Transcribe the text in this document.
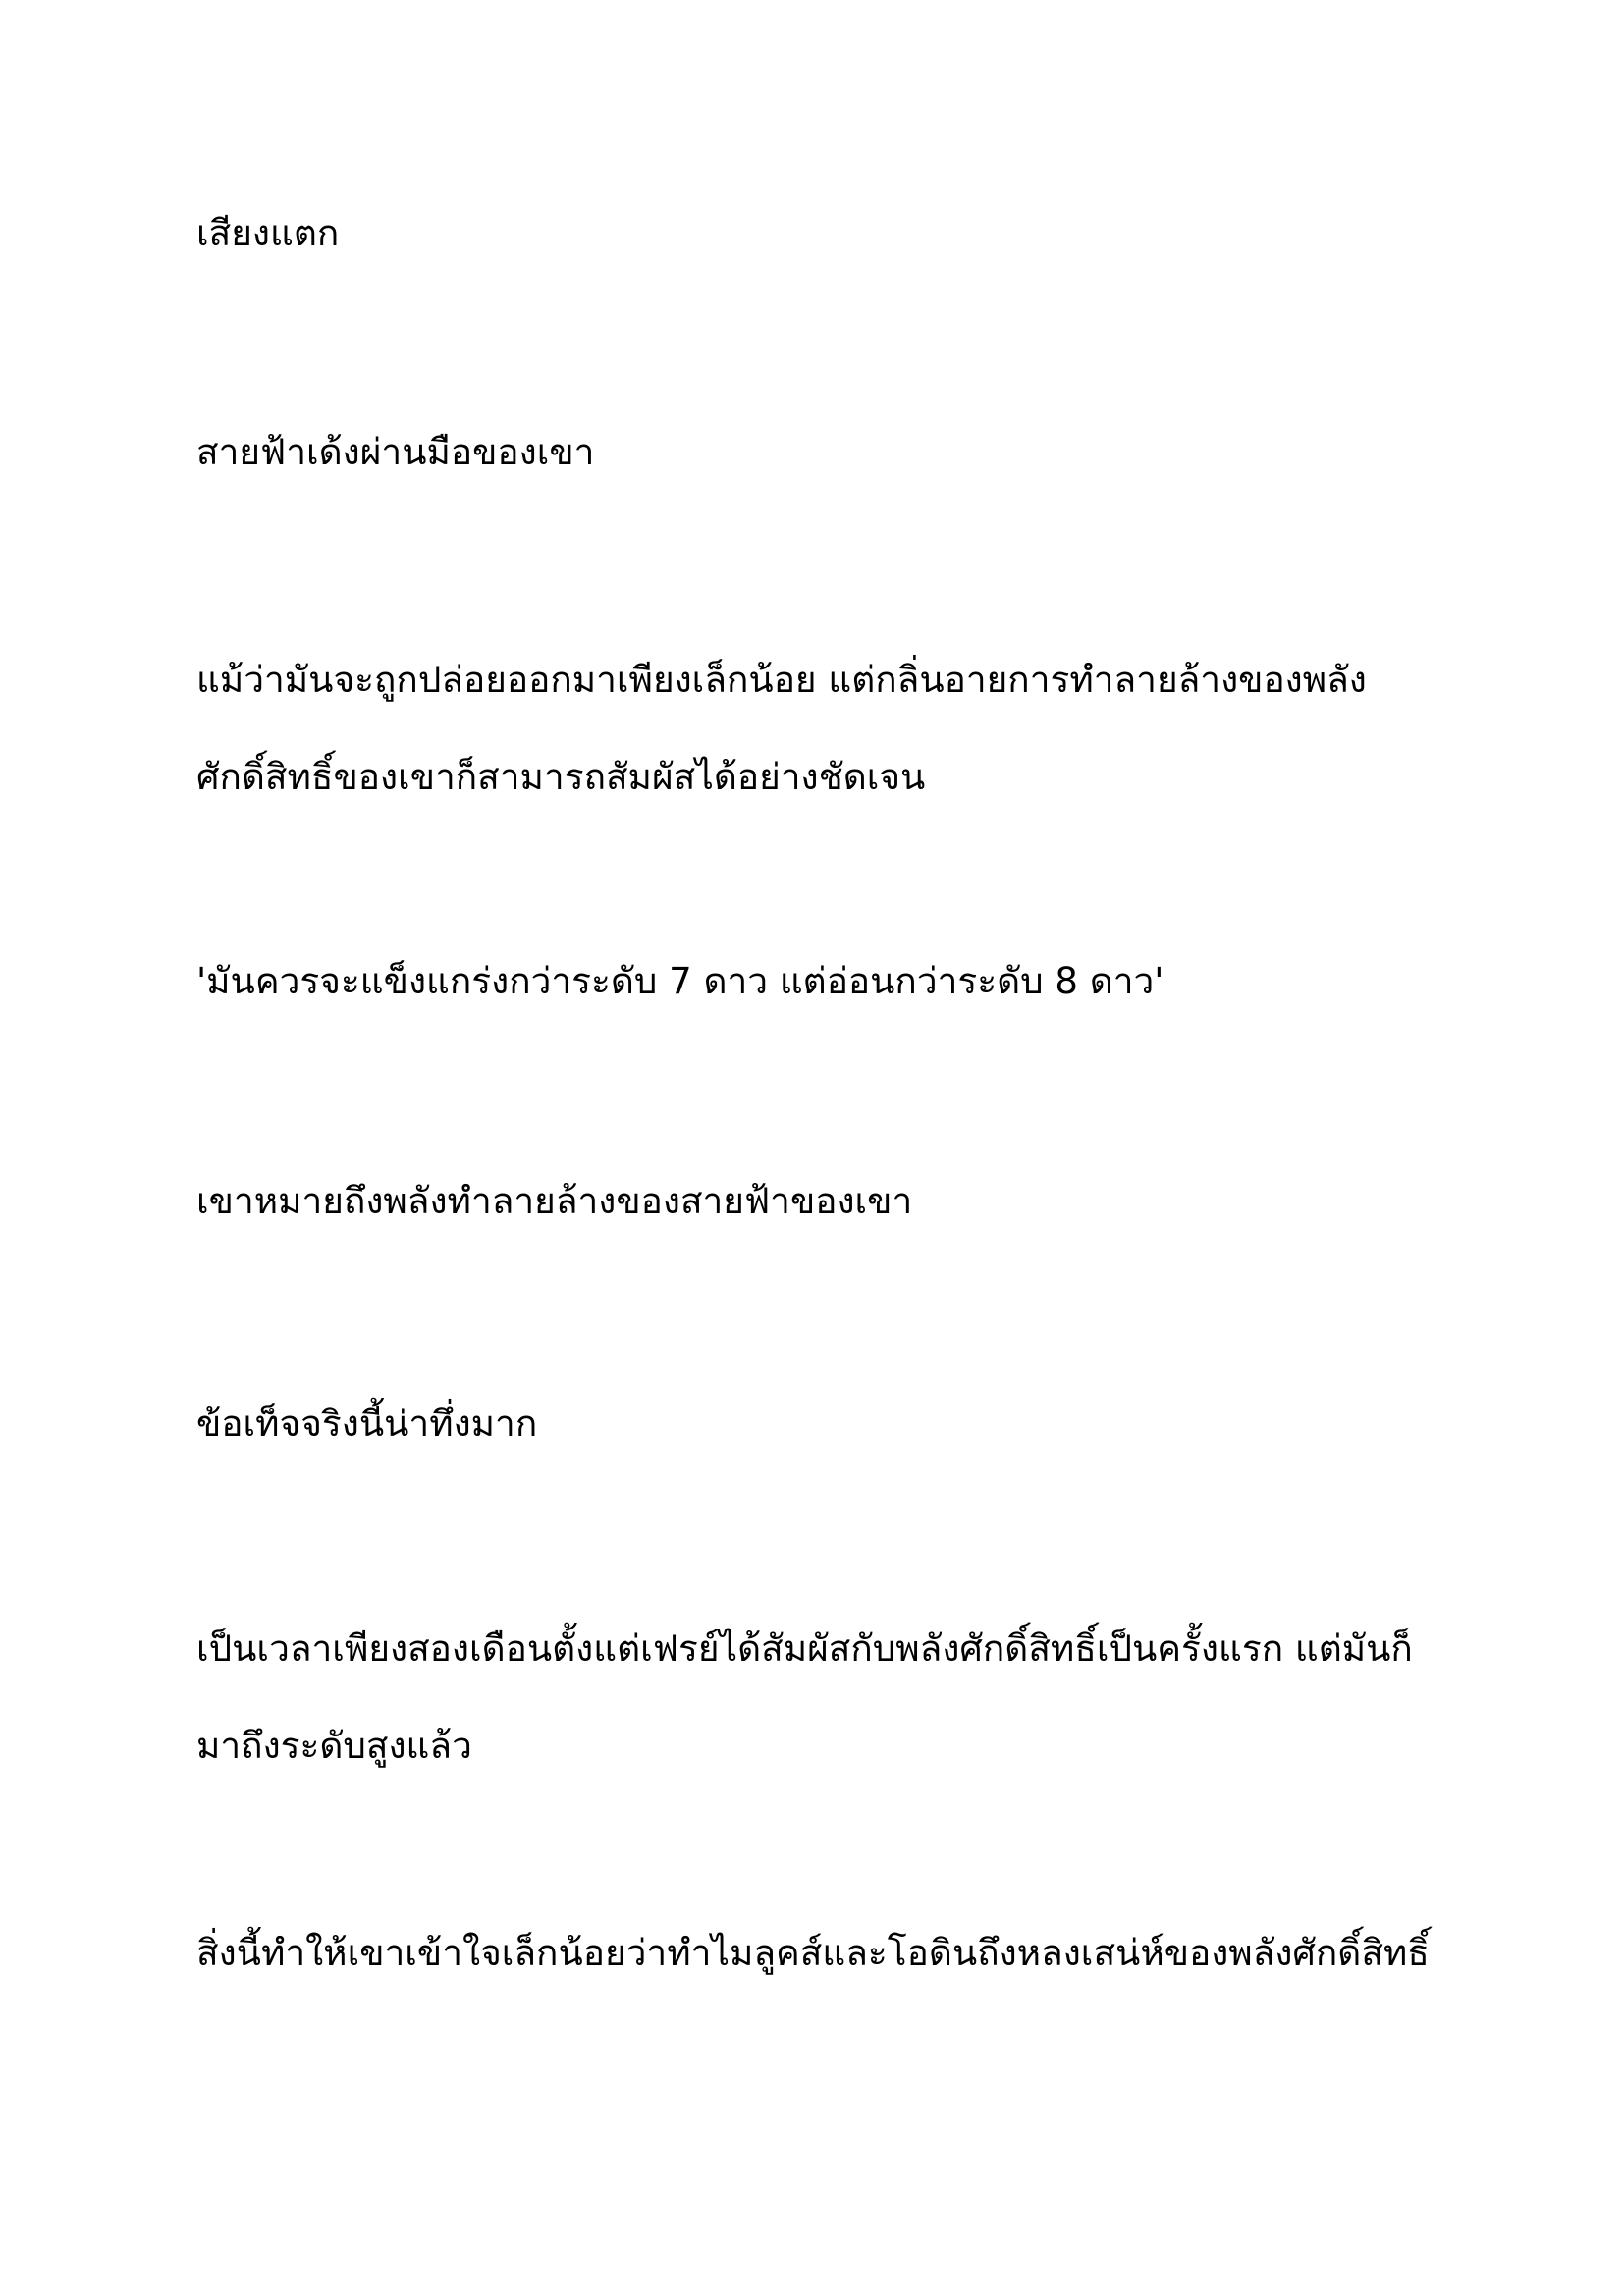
เสียงแตก

สายฟ้าเด้งผ่านมือของเขา

แม้ว่ามันจะถูกปล่อยออกมาเพียงเล็กน้อย แต่กลิ่นอายการทำลายล้างของพลัง
ศักดิ์สิทธิ์ของเขาก็สามารถสัมผัสได้อย่างชัดเจน

'มันควรจะแข็งแกร่งกว่าระดับ 7 ดาว แต่อ่อนกว่าระดับ 8 ดาว'

เขาหมายถึงพลังทำลายล้างของสายฟ้าของเขา

ข้อเท็จจริงนี้น่าทึ่งมาก

เป็นเวลาเพียงสองเดือนตั้งแต่เฟรย์ได้สัมผัสกับพลังศักดิ์สิทธิ์เป็นครั้งแรก แต่มันก็
มาถึงระดับสูงแล้ว

สิ่งนี้ทำให้เขาเข้าใจเล็กน้อยว่าทำไมลูคส์และโอดินถึงหลงเสน่ห์ของพลังศักดิ์สิทธิ์
